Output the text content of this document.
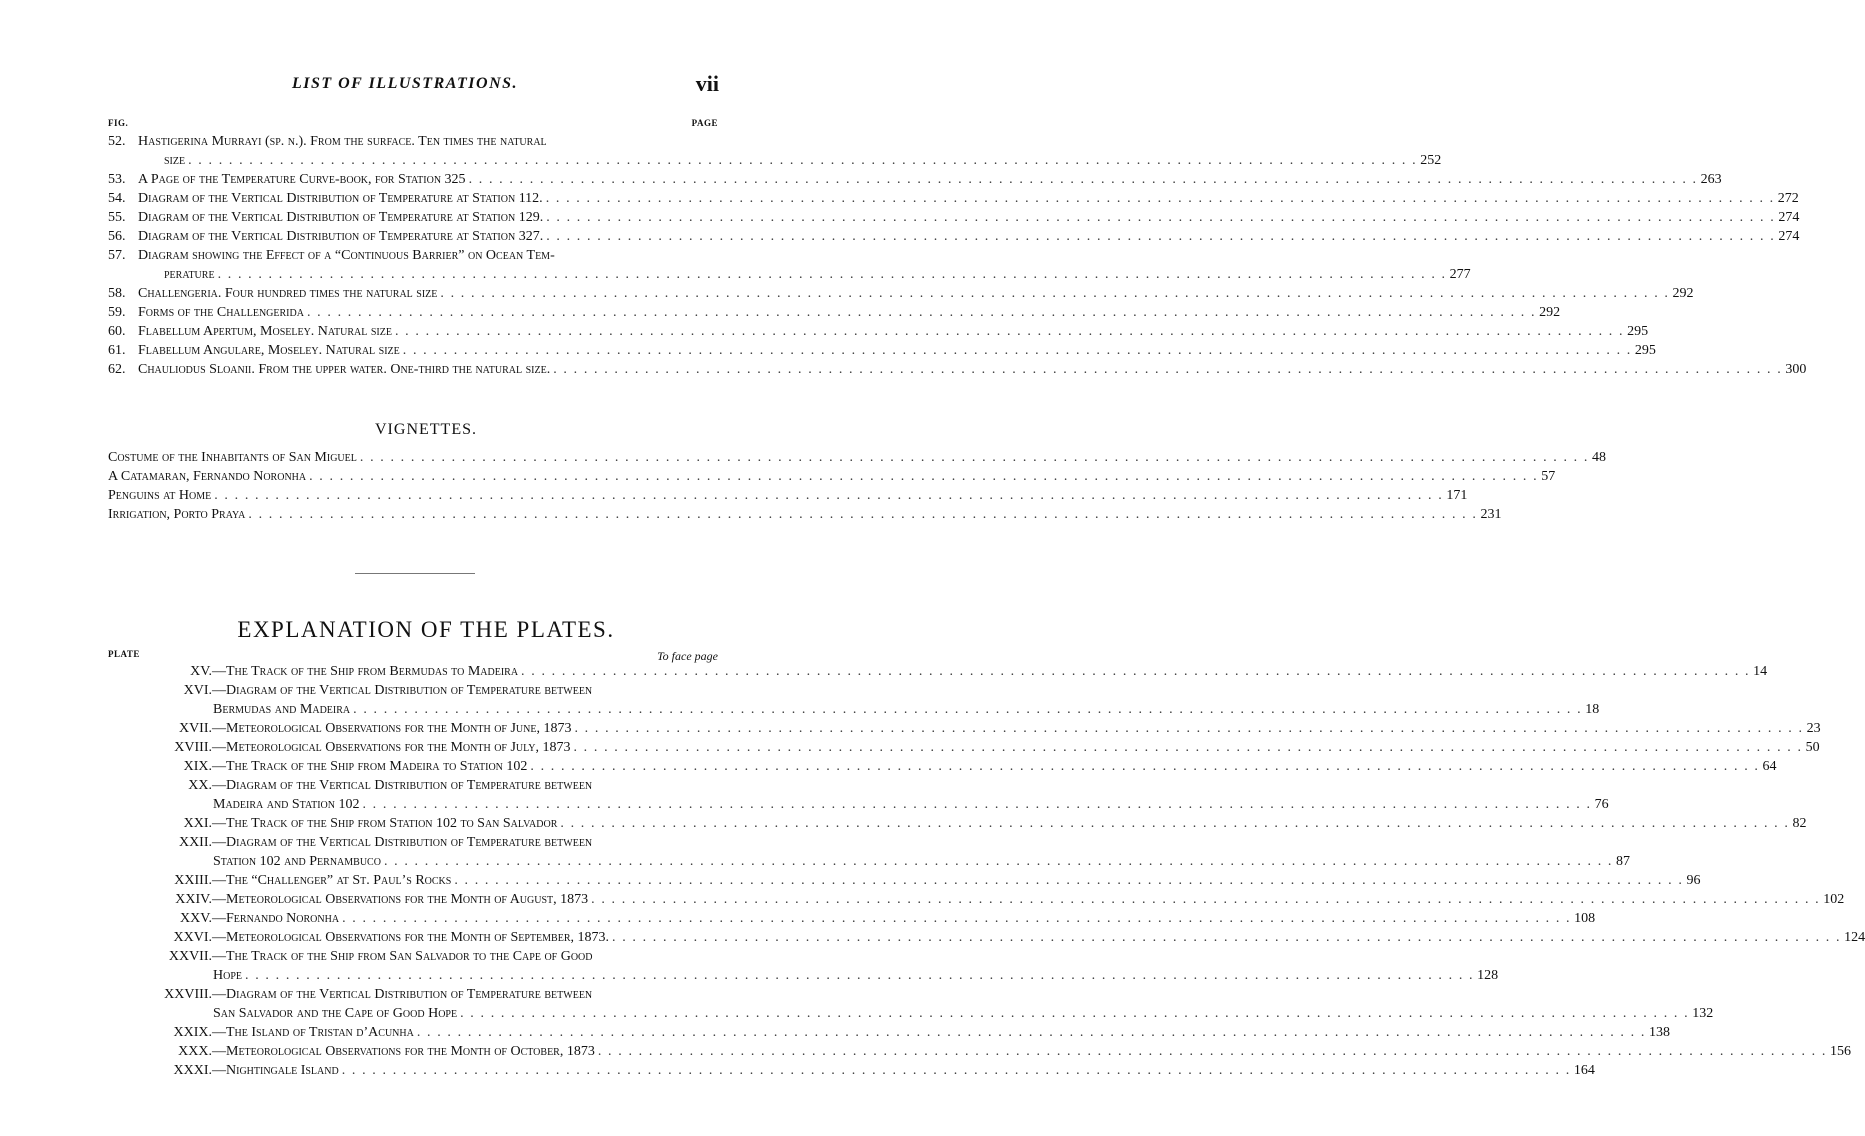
LIST OF ILLUSTRATIONS.	vii
FIG.	PAGE
52. Hastigerina Murrayi (sp. n.). From the surface. Ten times the natural
size . . .	252
53. A Page of the Temperature Curve-book, for Station 325 . . .	263
54. Diagram of the Vertical Distribution of Temperature at Station 112. . . .	272
55. Diagram of the Vertical Distribution of Temperature at Station 129. . . .	274
56. Diagram of the Vertical Distribution of Temperature at Station 327. . . .	274
57. Diagram showing the Effect of a “Continuous Barrier” on Ocean Tem-
perature . . .	277
58. Challengeria. Four hundred times the natural size . . .	292
59. Forms of the Challengerida . . .	292
60. Flabellum Apertum, Moseley. Natural size . . .	295
61. Flabellum Angulare, Moseley. Natural size . . .	295
62. Chauliodus Sloanii. From the upper water. One-third the natural size. . . .	300
VIGNETTES.
Costume of the Inhabitants of San Miguel . . .	48
A Catamaran, Fernando Noronha . . .	57
Penguins at Home . . .	171
Irrigation, Porto Praya . . .	231
EXPLANATION OF THE PLATES.
PLATE	To face page
XV.— The Track of the Ship from Bermudas to Madeira . . .	14
XVI.— Diagram of the Vertical Distribution of Temperature between
Bermudas and Madeira . . .	18
XVII.— Meteorological Observations for the Month of June, 1873 . . .	23
XVIII.— Meteorological Observations for the Month of July, 1873 . . .	50
XIX.— The Track of the Ship from Madeira to Station 102 . . .	64
XX.— Diagram of the Vertical Distribution of Temperature between
Madeira and Station 102 . . .	76
XXI.— The Track of the Ship from Station 102 to San Salvador . . .	82
XXII.— Diagram of the Vertical Distribution of Temperature between
Station 102 and Pernambuco . . .	87
XXIII.— The “Challenger” at St. Paul’s Rocks . . .	96
XXIV.— Meteorological Observations for the Month of August, 1873 . . .	102
XXV.— Fernando Noronha . . .	108
XXVI.— Meteorological Observations for the Month of September, 1873. . . .	124
XXVII.— The Track of the Ship from San Salvador to the Cape of Good
Hope . . .	128
XXVIII.— Diagram of the Vertical Distribution of Temperature between
San Salvador and the Cape of Good Hope . . .	132
XXIX.— The Island of Tristan d’Acunha . . .	138
XXX.— Meteorological Observations for the Month of October, 1873 . . .	156
XXXI.— Nightingale Island . . .	164
